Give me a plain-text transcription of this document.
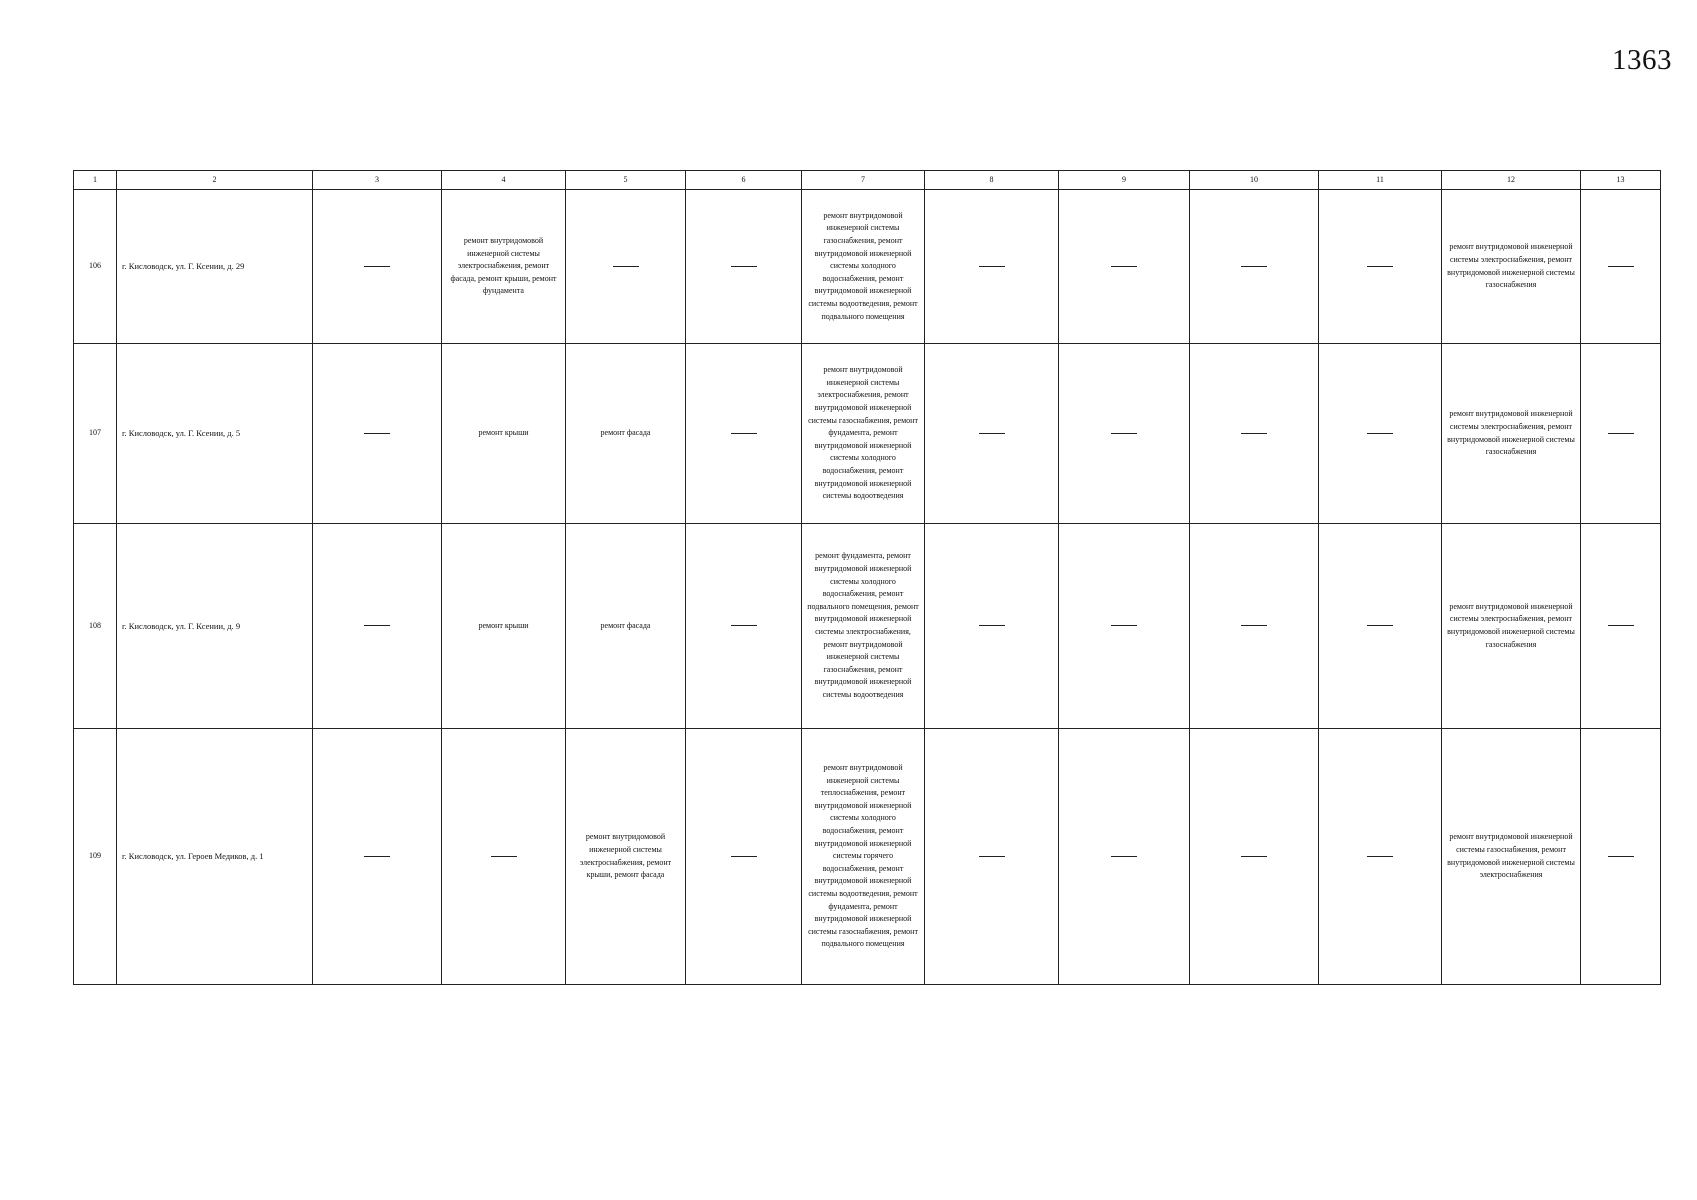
1363
1	2	3	4	5	6	7	8	9	10	11	12	13
106	г. Кисловодск, ул. Г. Ксении, д. 29		ремонт внутридомовой инженерной системы электроснабжения, ремонт фасада, ремонт крыши, ремонт фундамента			ремонт внутридомовой инженерной системы газоснабжения, ремонт внутридомовой инженерной системы холодного водоснабжения, ремонт внутридомовой инженерной системы водоотведения, ремонт подвального помещения					ремонт внутридомовой инженерной системы электроснабжения, ремонт внутридомовой инженерной системы газоснабжения	
107	г. Кисловодск, ул. Г. Ксении, д. 5		ремонт крыши	ремонт фасада		ремонт внутридомовой инженерной системы электроснабжения, ремонт внутридомовой инженерной системы газоснабжения, ремонт фундамента, ремонт внутридомовой инженерной системы холодного водоснабжения, ремонт внутридомовой инженерной системы водоотведения					ремонт внутридомовой инженерной системы электроснабжения, ремонт внутридомовой инженерной системы газоснабжения	
108	г. Кисловодск, ул. Г. Ксении, д. 9		ремонт крыши	ремонт фасада		ремонт фундамента, ремонт внутридомовой инженерной системы холодного водоснабжения, ремонт подвального помещения, ремонт внутридомовой инженерной системы электроснабжения, ремонт внутридомовой инженерной системы газоснабжения, ремонт внутридомовой инженерной системы водоотведения					ремонт внутридомовой инженерной системы электроснабжения, ремонт внутридомовой инженерной системы газоснабжения	
109	г. Кисловодск, ул. Героев Медиков, д. 1			ремонт внутридомовой инженерной системы электроснабжения, ремонт крыши, ремонт фасада		ремонт внутридомовой инженерной системы теплоснабжения, ремонт внутридомовой инженерной системы холодного водоснабжения, ремонт внутридомовой инженерной системы горячего водоснабжения, ремонт внутридомовой инженерной системы водоотведения, ремонт фундамента, ремонт внутридомовой инженерной системы газоснабжения, ремонт подвального помещения					ремонт внутридомовой инженерной системы газоснабжения, ремонт внутридомовой инженерной системы электроснабжения	
